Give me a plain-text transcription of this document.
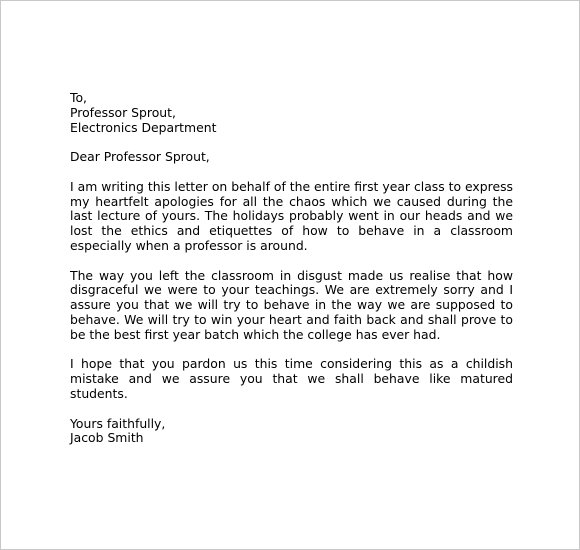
To,
Professor Sprout,
Electronics Department
Dear Professor Sprout,

I am writing this letter on behalf of the entire first year class to express my heartfelt apologies for all the chaos which we caused during the last lecture of yours. The holidays probably went in our heads and we lost the ethics and etiquettes of how to behave in a classroom especially when a professor is around.

The way you left the classroom in disgust made us realise that how disgraceful we were to your teachings. We are extremely sorry and I assure you that we will try to behave in the way we are supposed to behave. We will try to win your heart and faith back and shall prove to be the best first year batch which the college has ever had.

I hope that you pardon us this time considering this as a childish mistake and we assure you that we shall behave like matured students.

Yours faithfully,
Jacob Smith
